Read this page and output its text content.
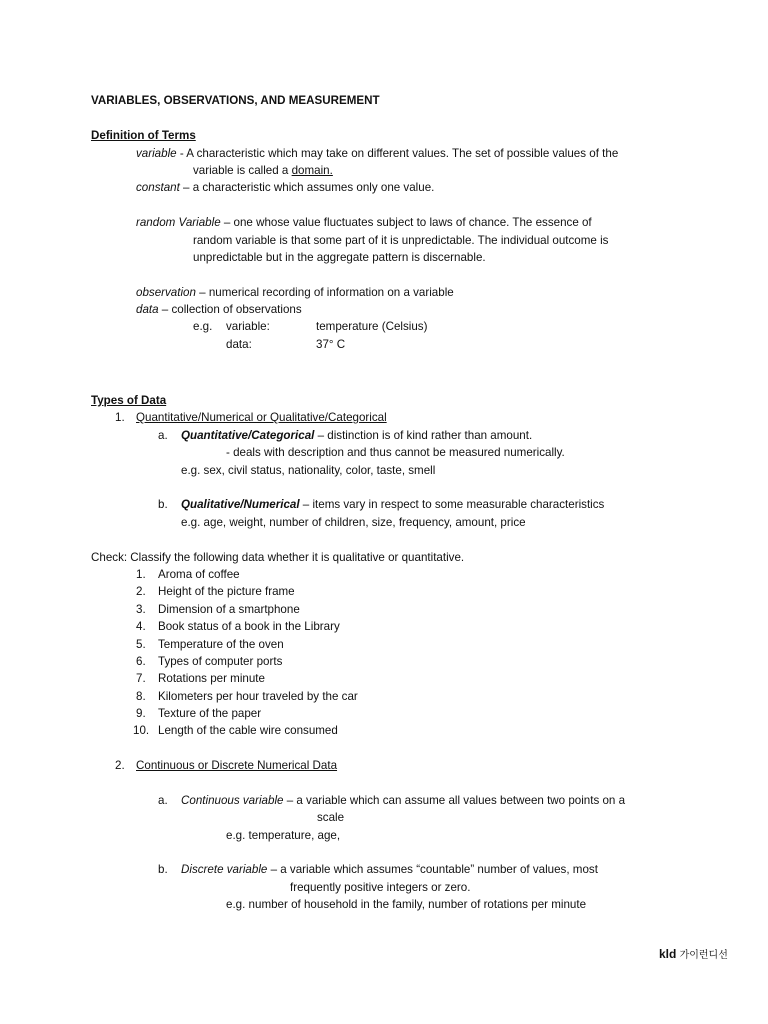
VARIABLES, OBSERVATIONS, AND MEASUREMENT
Definition of Terms
variable - A characteristic which may take on different values. The set of possible values of the
variable is called a domain.
constant – a characteristic which assumes only one value.
random Variable – one whose value fluctuates subject to laws of chance. The essence of
random variable is that some part of it is unpredictable. The individual outcome is
unpredictable but in the aggregate pattern is discernable.
observation – numerical recording of information on a variable
data – collection of observations
e.g. variable:	temperature (Celsius)
data:	37° C
Types of Data
1. Quantitative/Numerical or Qualitative/Categorical
a. Quantitative/Categorical – distinction is of kind rather than amount.
- deals with description and thus cannot be measured numerically.
e.g. sex, civil status, nationality, color, taste, smell
b. Qualitative/Numerical – items vary in respect to some measurable characteristics
e.g. age, weight, number of children, size, frequency, amount, price
Check: Classify the following data whether it is qualitative or quantitative.
1. Aroma of coffee
2. Height of the picture frame
3. Dimension of a smartphone
4. Book status of a book in the Library
5. Temperature of the oven
6. Types of computer ports
7. Rotations per minute
8. Kilometers per hour traveled by the car
9. Texture of the paper
10. Length of the cable wire consumed
2. Continuous or Discrete Numerical Data
a. Continuous variable – a variable which can assume all values between two points on a
scale
e.g. temperature, age,
b. Discrete variable – a variable which assumes “countable” number of values, most
frequently positive integers or zero.
e.g. number of household in the family, number of rotations per minute
kld 가이런디선
